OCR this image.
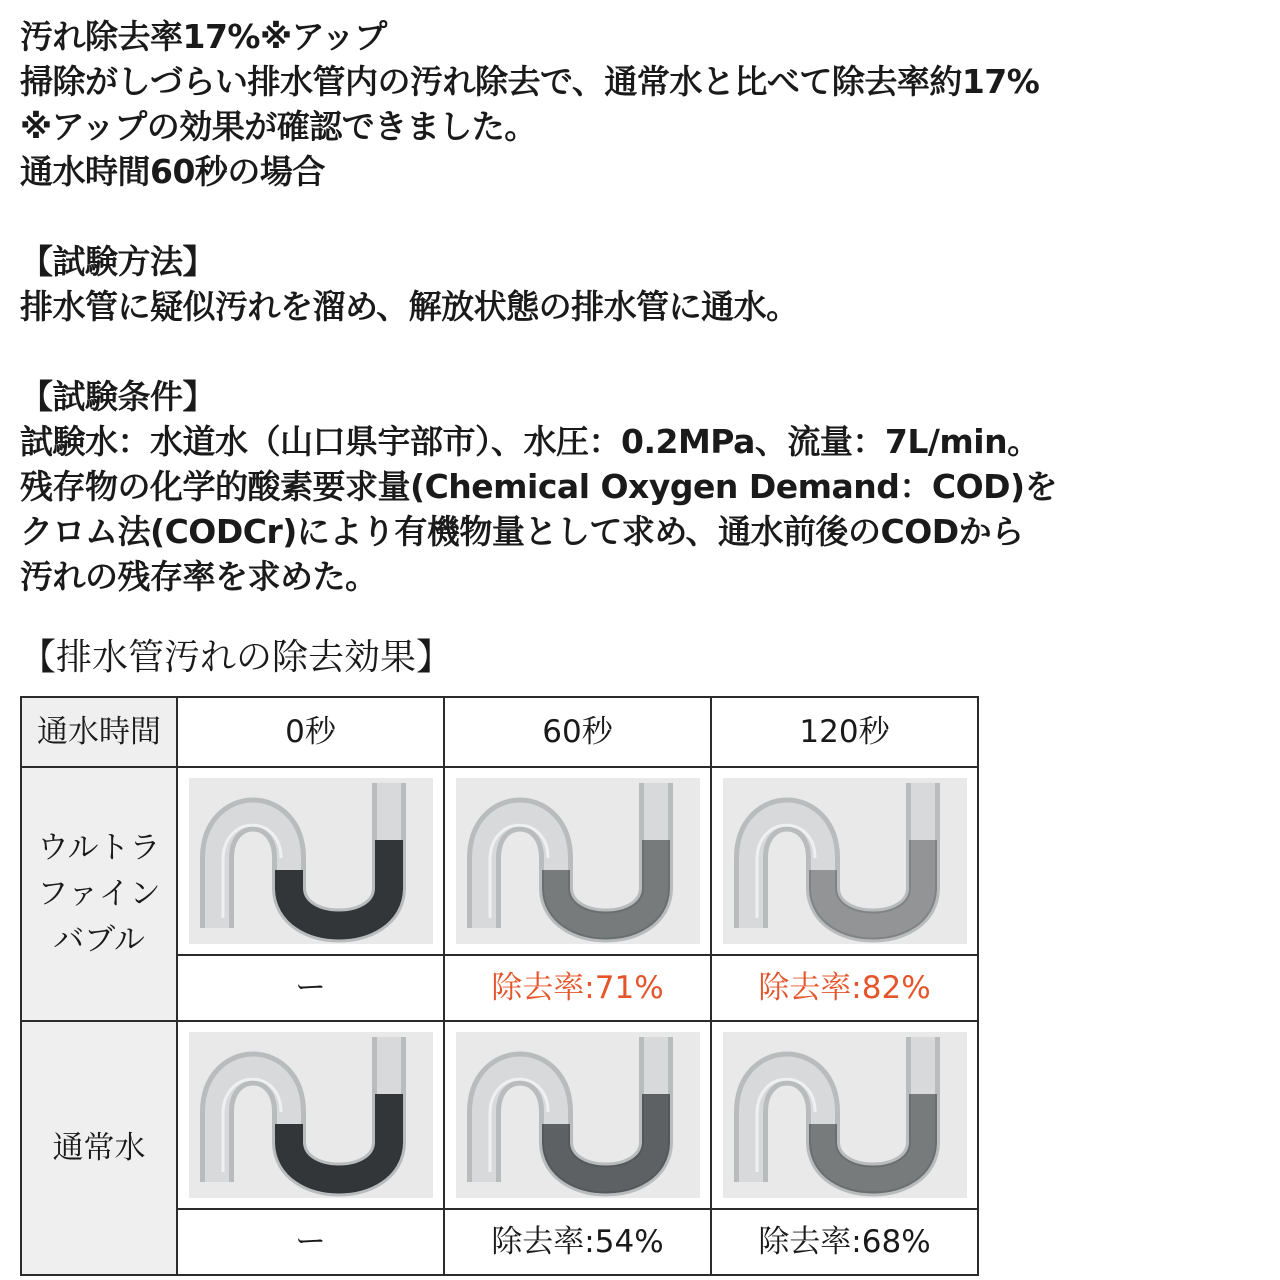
汚れ除去率17%※アップ

掃除がしづらい排水管内の汚れ除去で、通常水と比べて除去率約17%

※アップの効果が確認できました。

通水時間60秒の場合

【試験方法】

排水管に疑似汚れを溜め、解放状態の排水管に通水。

【試験条件】

試験水：水道水（山口県宇部市）、水圧：0.2MPa、流量：7L/min。

残存物の化学的酸素要求量(Chemical Oxygen Demand：COD)を

クロム法(CODCr)により有機物量として求め、通水前後のCODから

汚れの残存率を求めた。

【排水管汚れの除去効果】
通水時間	0秒	60秒	120秒

ウルトラ
ファイン
バブル

	ー	除去率:71%	除去率:82%

通常水

	ー	除去率:54%	除去率:68%
